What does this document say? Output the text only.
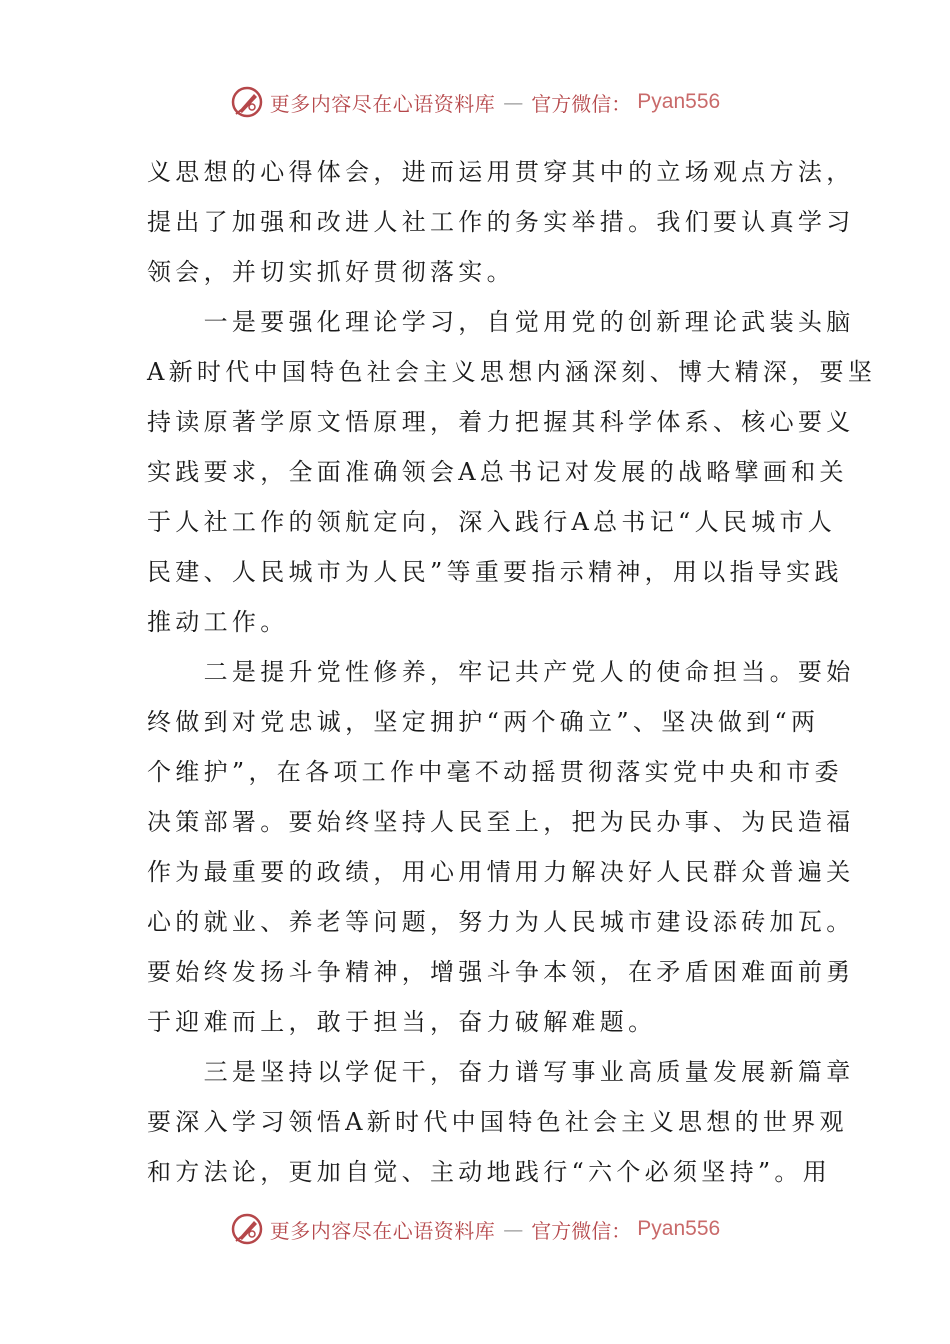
更多内容尽在心语资料库 — 官方微信： Pyan556
义思想的心得体会，进而运用贯穿其中的立场观点方法，
提出了加强和改进人社工作的务实举措。我们要认真学习
领会，并切实抓好贯彻落实。
　　一是要强化理论学习，自觉用党的创新理论武装头脑
A新时代中国特色社会主义思想内涵深刻、博大精深，要坚
持读原著学原文悟原理，着力把握其科学体系、核心要义
实践要求，全面准确领会A总书记对发展的战略擘画和关
于人社工作的领航定向，深入践行A总书记“人民城市人
民建、人民城市为人民”等重要指示精神，用以指导实践
推动工作。
　　二是提升党性修养，牢记共产党人的使命担当。要始
终做到对党忠诚，坚定拥护“两个确立”、坚决做到“两
个维护”，在各项工作中毫不动摇贯彻落实党中央和市委
决策部署。要始终坚持人民至上，把为民办事、为民造福
作为最重要的政绩，用心用情用力解决好人民群众普遍关
心的就业、养老等问题，努力为人民城市建设添砖加瓦。
要始终发扬斗争精神，增强斗争本领，在矛盾困难面前勇
于迎难而上，敢于担当，奋力破解难题。
　　三是坚持以学促干，奋力谱写事业高质量发展新篇章
要深入学习领悟A新时代中国特色社会主义思想的世界观
和方法论，更加自觉、主动地践行“六个必须坚持”。用
更多内容尽在心语资料库 — 官方微信： Pyan556
